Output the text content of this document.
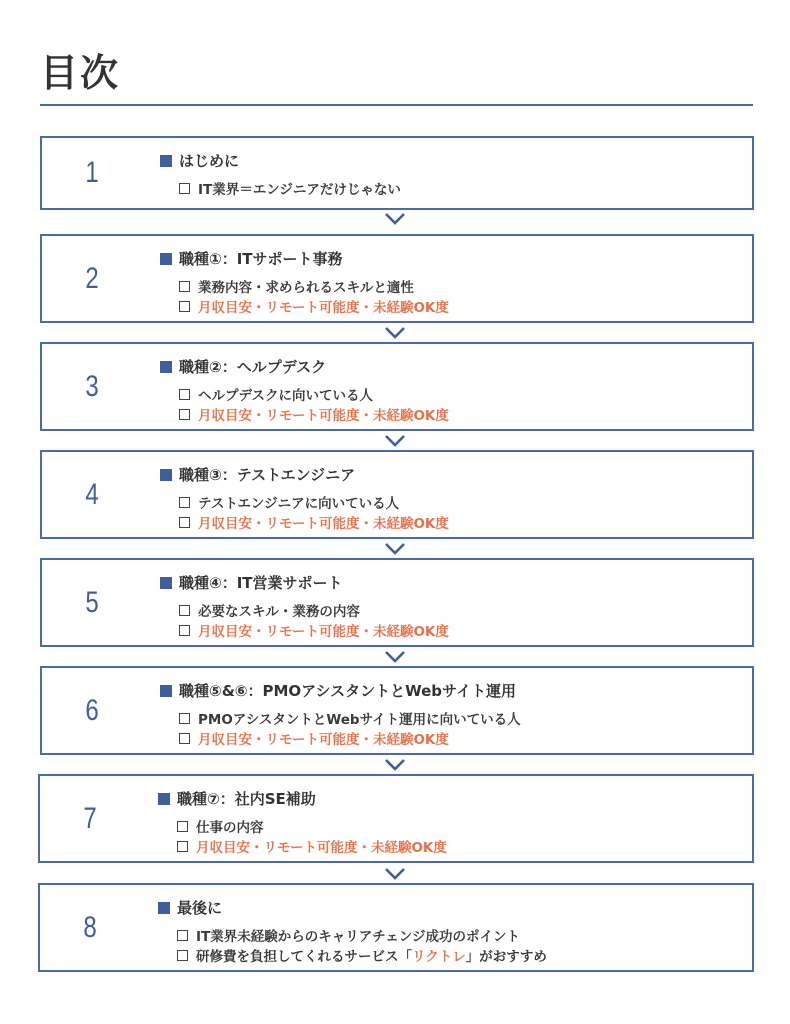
目次
1	はじめに
IT業界＝エンジニアだけじゃない
2
職種①：ITサポート事務
業務内容・求められるスキルと適性
月収目安・リモート可能度・未経験OK度
3
職種②：ヘルプデスク
ヘルプデスクに向いている人
月収目安・リモート可能度・未経験OK度
4
職種③：テストエンジニア
テストエンジニアに向いている人
月収目安・リモート可能度・未経験OK度
5
職種④：IT営業サポート
必要なスキル・業務の内容
月収目安・リモート可能度・未経験OK度
6
職種⑤&⑥：PMOアシスタントとWebサイト運用
PMOアシスタントとWebサイト運用に向いている人
月収目安・リモート可能度・未経験OK度
7
職種⑦：社内SE補助
仕事の内容
月収目安・リモート可能度・未経験OK度
8
最後に
IT業界未経験からのキャリアチェンジ成功のポイント
研修費を負担してくれるサービス「リクトレ」がおすすめ
